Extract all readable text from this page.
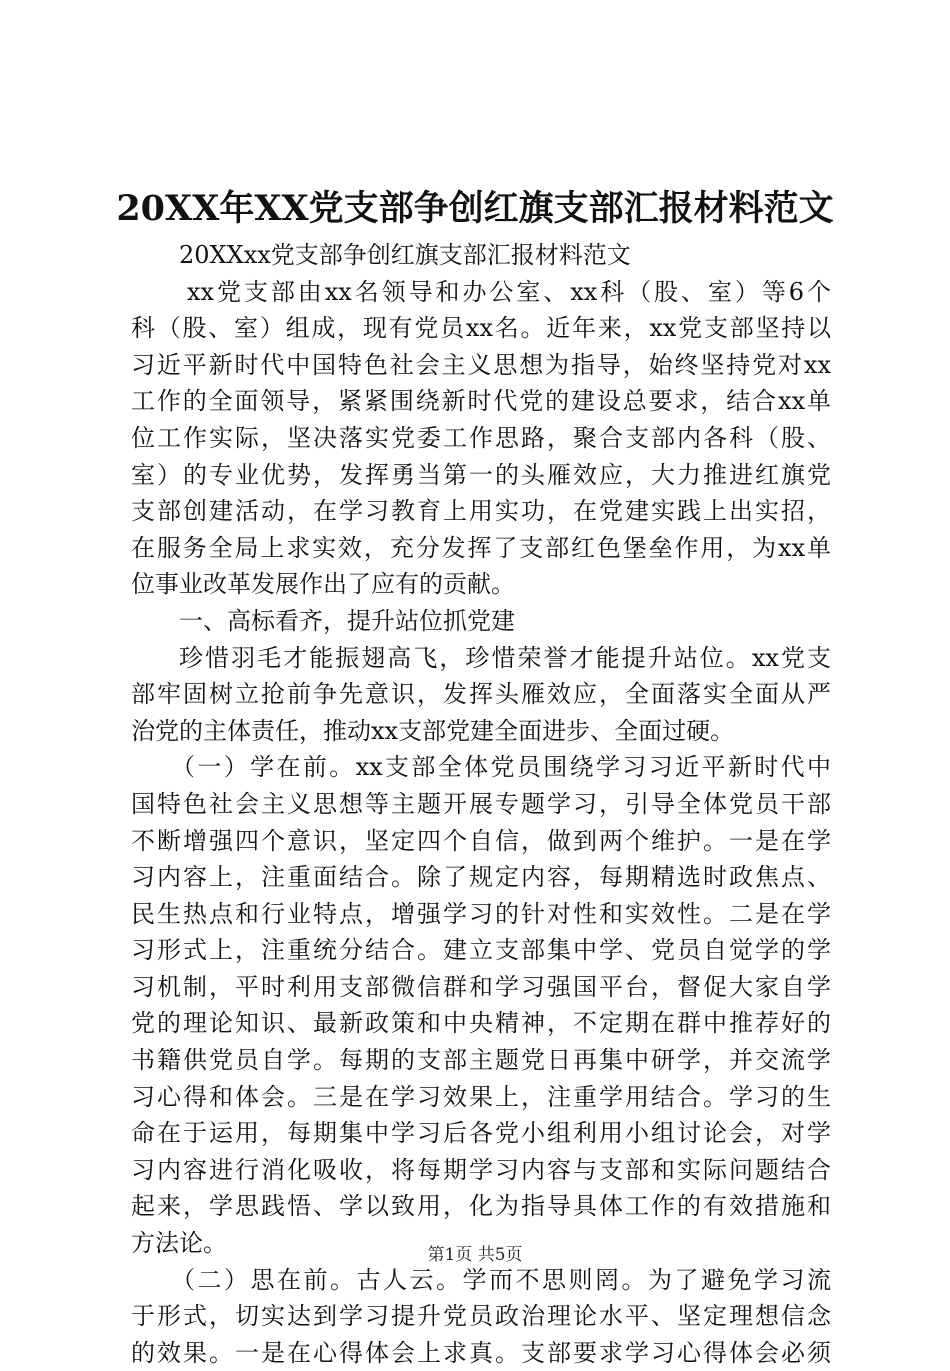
20XX年XX党支部争创红旗支部汇报材料范文
20XXxx党支部争创红旗支部汇报材料范文
xx党支部由xx名领导和办公室、xx科（股、室）等6个
科（股、室）组成，现有党员xx名。近年来，xx党支部坚持以
习近平新时代中国特色社会主义思想为指导，始终坚持党对xx
工作的全面领导，紧紧围绕新时代党的建设总要求，结合xx单
位工作实际，坚决落实党委工作思路，聚合支部内各科（股、
室）的专业优势，发挥勇当第一的头雁效应，大力推进红旗党
支部创建活动，在学习教育上用实功，在党建实践上出实招，
在服务全局上求实效，充分发挥了支部红色堡垒作用，为xx单
位事业改革发展作出了应有的贡献。
一、高标看齐，提升站位抓党建
珍惜羽毛才能振翅高飞，珍惜荣誉才能提升站位。xx党支
部牢固树立抢前争先意识，发挥头雁效应，全面落实全面从严
治党的主体责任，推动xx支部党建全面进步、全面过硬。
（一）学在前。xx支部全体党员围绕学习习近平新时代中
国特色社会主义思想等主题开展专题学习，引导全体党员干部
不断增强四个意识，坚定四个自信，做到两个维护。一是在学
习内容上，注重面结合。除了规定内容，每期精选时政焦点、
民生热点和行业特点，增强学习的针对性和实效性。二是在学
习形式上，注重统分结合。建立支部集中学、党员自觉学的学
习机制，平时利用支部微信群和学习强国平台，督促大家自学
党的理论知识、最新政策和中央精神，不定期在群中推荐好的
书籍供党员自学。每期的支部主题党日再集中研学，并交流学
习心得和体会。三是在学习效果上，注重学用结合。学习的生
命在于运用，每期集中学习后各党小组利用小组讨论会，对学
习内容进行消化吸收，将每期学习内容与支部和实际问题结合
起来，学思践悟、学以致用，化为指导具体工作的有效措施和
方法论。
（二）思在前。古人云。学而不思则罔。为了避免学习流
于形式，切实达到学习提升党员政治理论水平、坚定理想信念
的效果。一是在心得体会上求真。支部要求学习心得体会必须
第1页 共5页
